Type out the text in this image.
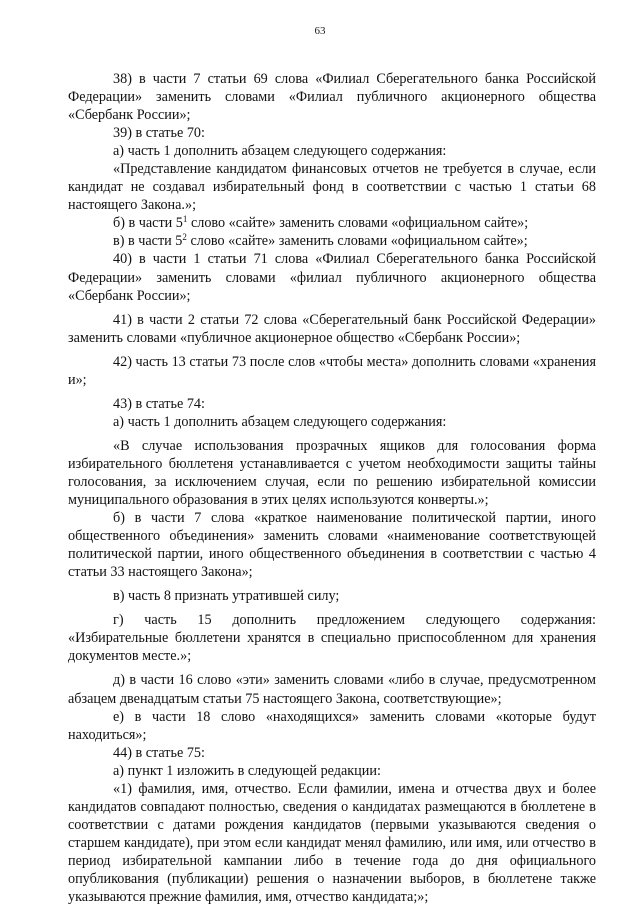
63

38) в части 7 статьи 69 слова «Филиал Сберегательного банка Российской Федерации» заменить словами «Филиал публичного акционерного общества «Сбербанк России»;

39) в статье 70:

а) часть 1 дополнить абзацем следующего содержания:

«Представление кандидатом финансовых отчетов не требуется в случае, если кандидат не создавал избирательный фонд в соответствии с частью 1 статьи 68 настоящего Закона.»;

б) в части $5^1$ слово «сайте» заменить словами «официальном сайте»;

в) в части $5^2$ слово «сайте» заменить словами «официальном сайте»;

40) в части 1 статьи 71 слова «Филиал Сберегательного банка Российской Федерации» заменить словами «филиал публичного акционерного общества «Сбербанк России»;

41) в части 2 статьи 72 слова «Сберегательный банк Российской Федерации» заменить словами «публичное акционерное общество «Сбербанк России»;

42) часть 13 статьи 73 после слов «чтобы места» дополнить словами «хранения и»;

43) в статье 74:

а) часть 1 дополнить абзацем следующего содержания:

«В случае использования прозрачных ящиков для голосования форма избирательного бюллетеня устанавливается с учетом необходимости защиты тайны голосования, за исключением случая, если по решению избирательной комиссии муниципального образования в этих целях используются конверты.»;

б) в части 7 слова «краткое наименование политической партии, иного общественного объединения» заменить словами «наименование соответствующей политической партии, иного общественного объединения в соответствии с частью 4 статьи 33 настоящего Закона»;

в) часть 8 признать утратившей силу;

г) часть 15 дополнить предложением следующего содержания: «Избирательные бюллетени хранятся в специально приспособленном для хранения документов месте.»;

д) в части 16 слово «эти» заменить словами «либо в случае, предусмотренном абзацем двенадцатым статьи 75 настоящего Закона, соответствующие»;

е) в части 18 слово «находящихся» заменить словами «которые будут находиться»;

44) в статье 75:

а) пункт 1 изложить в следующей редакции:

«1) фамилия, имя, отчество. Если фамилии, имена и отчества двух и более кандидатов совпадают полностью, сведения о кандидатах размещаются в бюллетене в соответствии с датами рождения кандидатов (первыми указываются сведения о старшем кандидате), при этом если кандидат менял фамилию, или имя, или отчество в период избирательной кампании либо в течение года до дня официального опубликования (публикации) решения о назначении выборов, в бюллетене также указываются прежние фамилия, имя, отчество кандидата;»;
